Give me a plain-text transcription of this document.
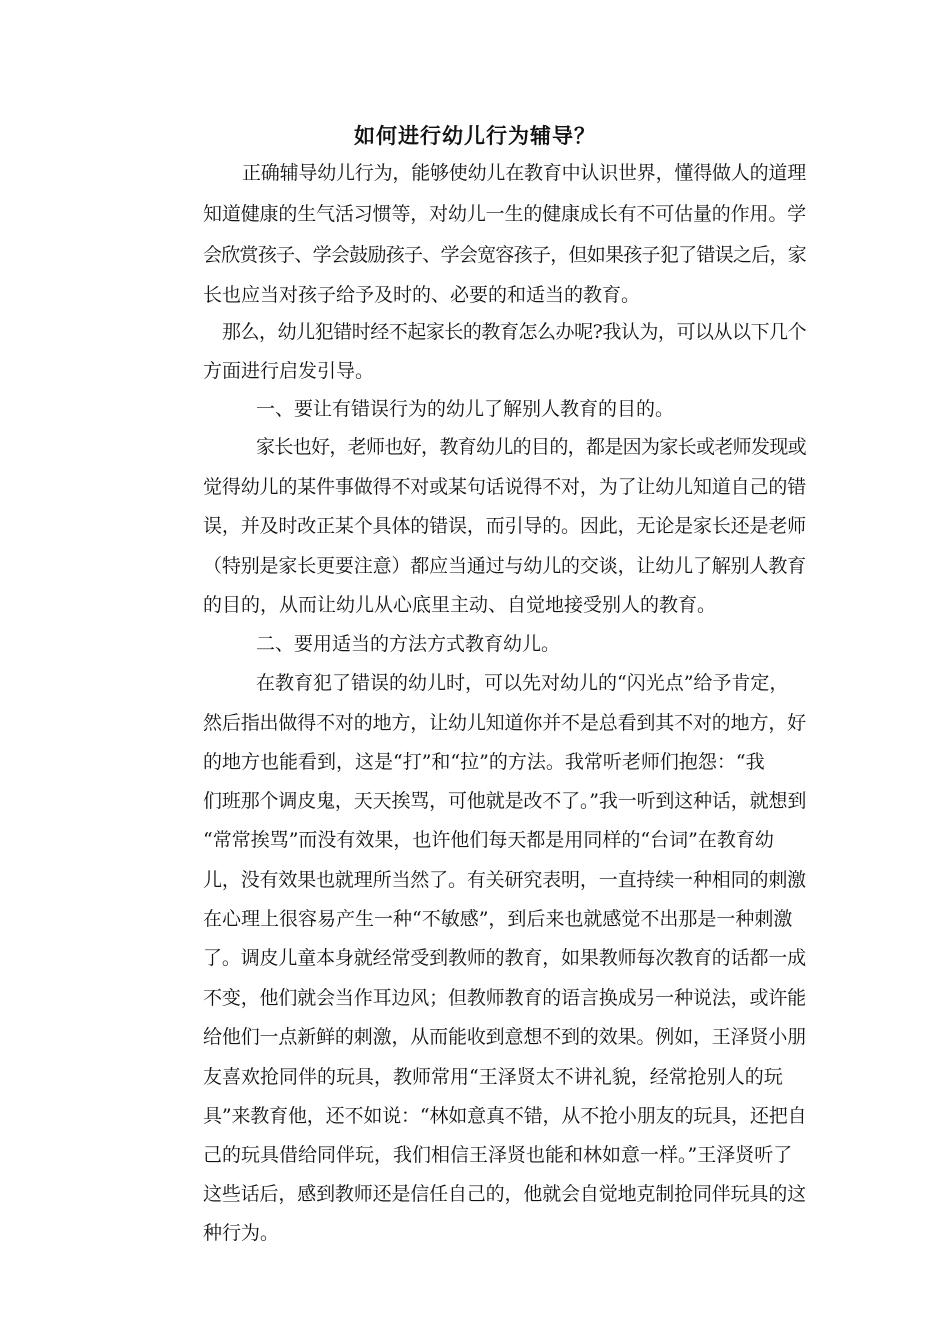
如何进行幼儿行为辅导？
正确辅导幼儿行为，能够使幼儿在教育中认识世界，懂得做人的道理
知道健康的生气活习惯等，对幼儿一生的健康成长有不可估量的作用。学
会欣赏孩子、学会鼓励孩子、学会宽容孩子，但如果孩子犯了错误之后，家
长也应当对孩子给予及时的、必要的和适当的教育。
那么，幼儿犯错时经不起家长的教育怎么办呢?我认为，可以从以下几个
方面进行启发引导。
一、要让有错误行为的幼儿了解别人教育的目的。
家长也好，老师也好，教育幼儿的目的，都是因为家长或老师发现或
觉得幼儿的某件事做得不对或某句话说得不对，为了让幼儿知道自己的错
误，并及时改正某个具体的错误，而引导的。因此，无论是家长还是老师
（特别是家长更要注意）都应当通过与幼儿的交谈，让幼儿了解别人教育
的目的，从而让幼儿从心底里主动、自觉地接受别人的教育。
二、要用适当的方法方式教育幼儿。
在教育犯了错误的幼儿时，可以先对幼儿的“闪光点”给予肯定，
然后指出做得不对的地方，让幼儿知道你并不是总看到其不对的地方，好
的地方也能看到，这是“打”和“拉”的方法。我常听老师们抱怨：“我
们班那个调皮鬼，天天挨骂，可他就是改不了。”我一听到这种话，就想到
“常常挨骂”而没有效果，也许他们每天都是用同样的“台词”在教育幼
儿，没有效果也就理所当然了。有关研究表明，一直持续一种相同的刺激
在心理上很容易产生一种“不敏感”，到后来也就感觉不出那是一种刺激
了。调皮儿童本身就经常受到教师的教育，如果教师每次教育的话都一成
不变，他们就会当作耳边风；但教师教育的语言换成另一种说法，或许能
给他们一点新鲜的刺激，从而能收到意想不到的效果。例如，王泽贤小朋
友喜欢抢同伴的玩具，教师常用“王泽贤太不讲礼貌，经常抢别人的玩
具”来教育他，还不如说：“林如意真不错，从不抢小朋友的玩具，还把自
己的玩具借给同伴玩，我们相信王泽贤也能和林如意一样。”王泽贤听了
这些话后，感到教师还是信任自己的，他就会自觉地克制抢同伴玩具的这
种行为。
